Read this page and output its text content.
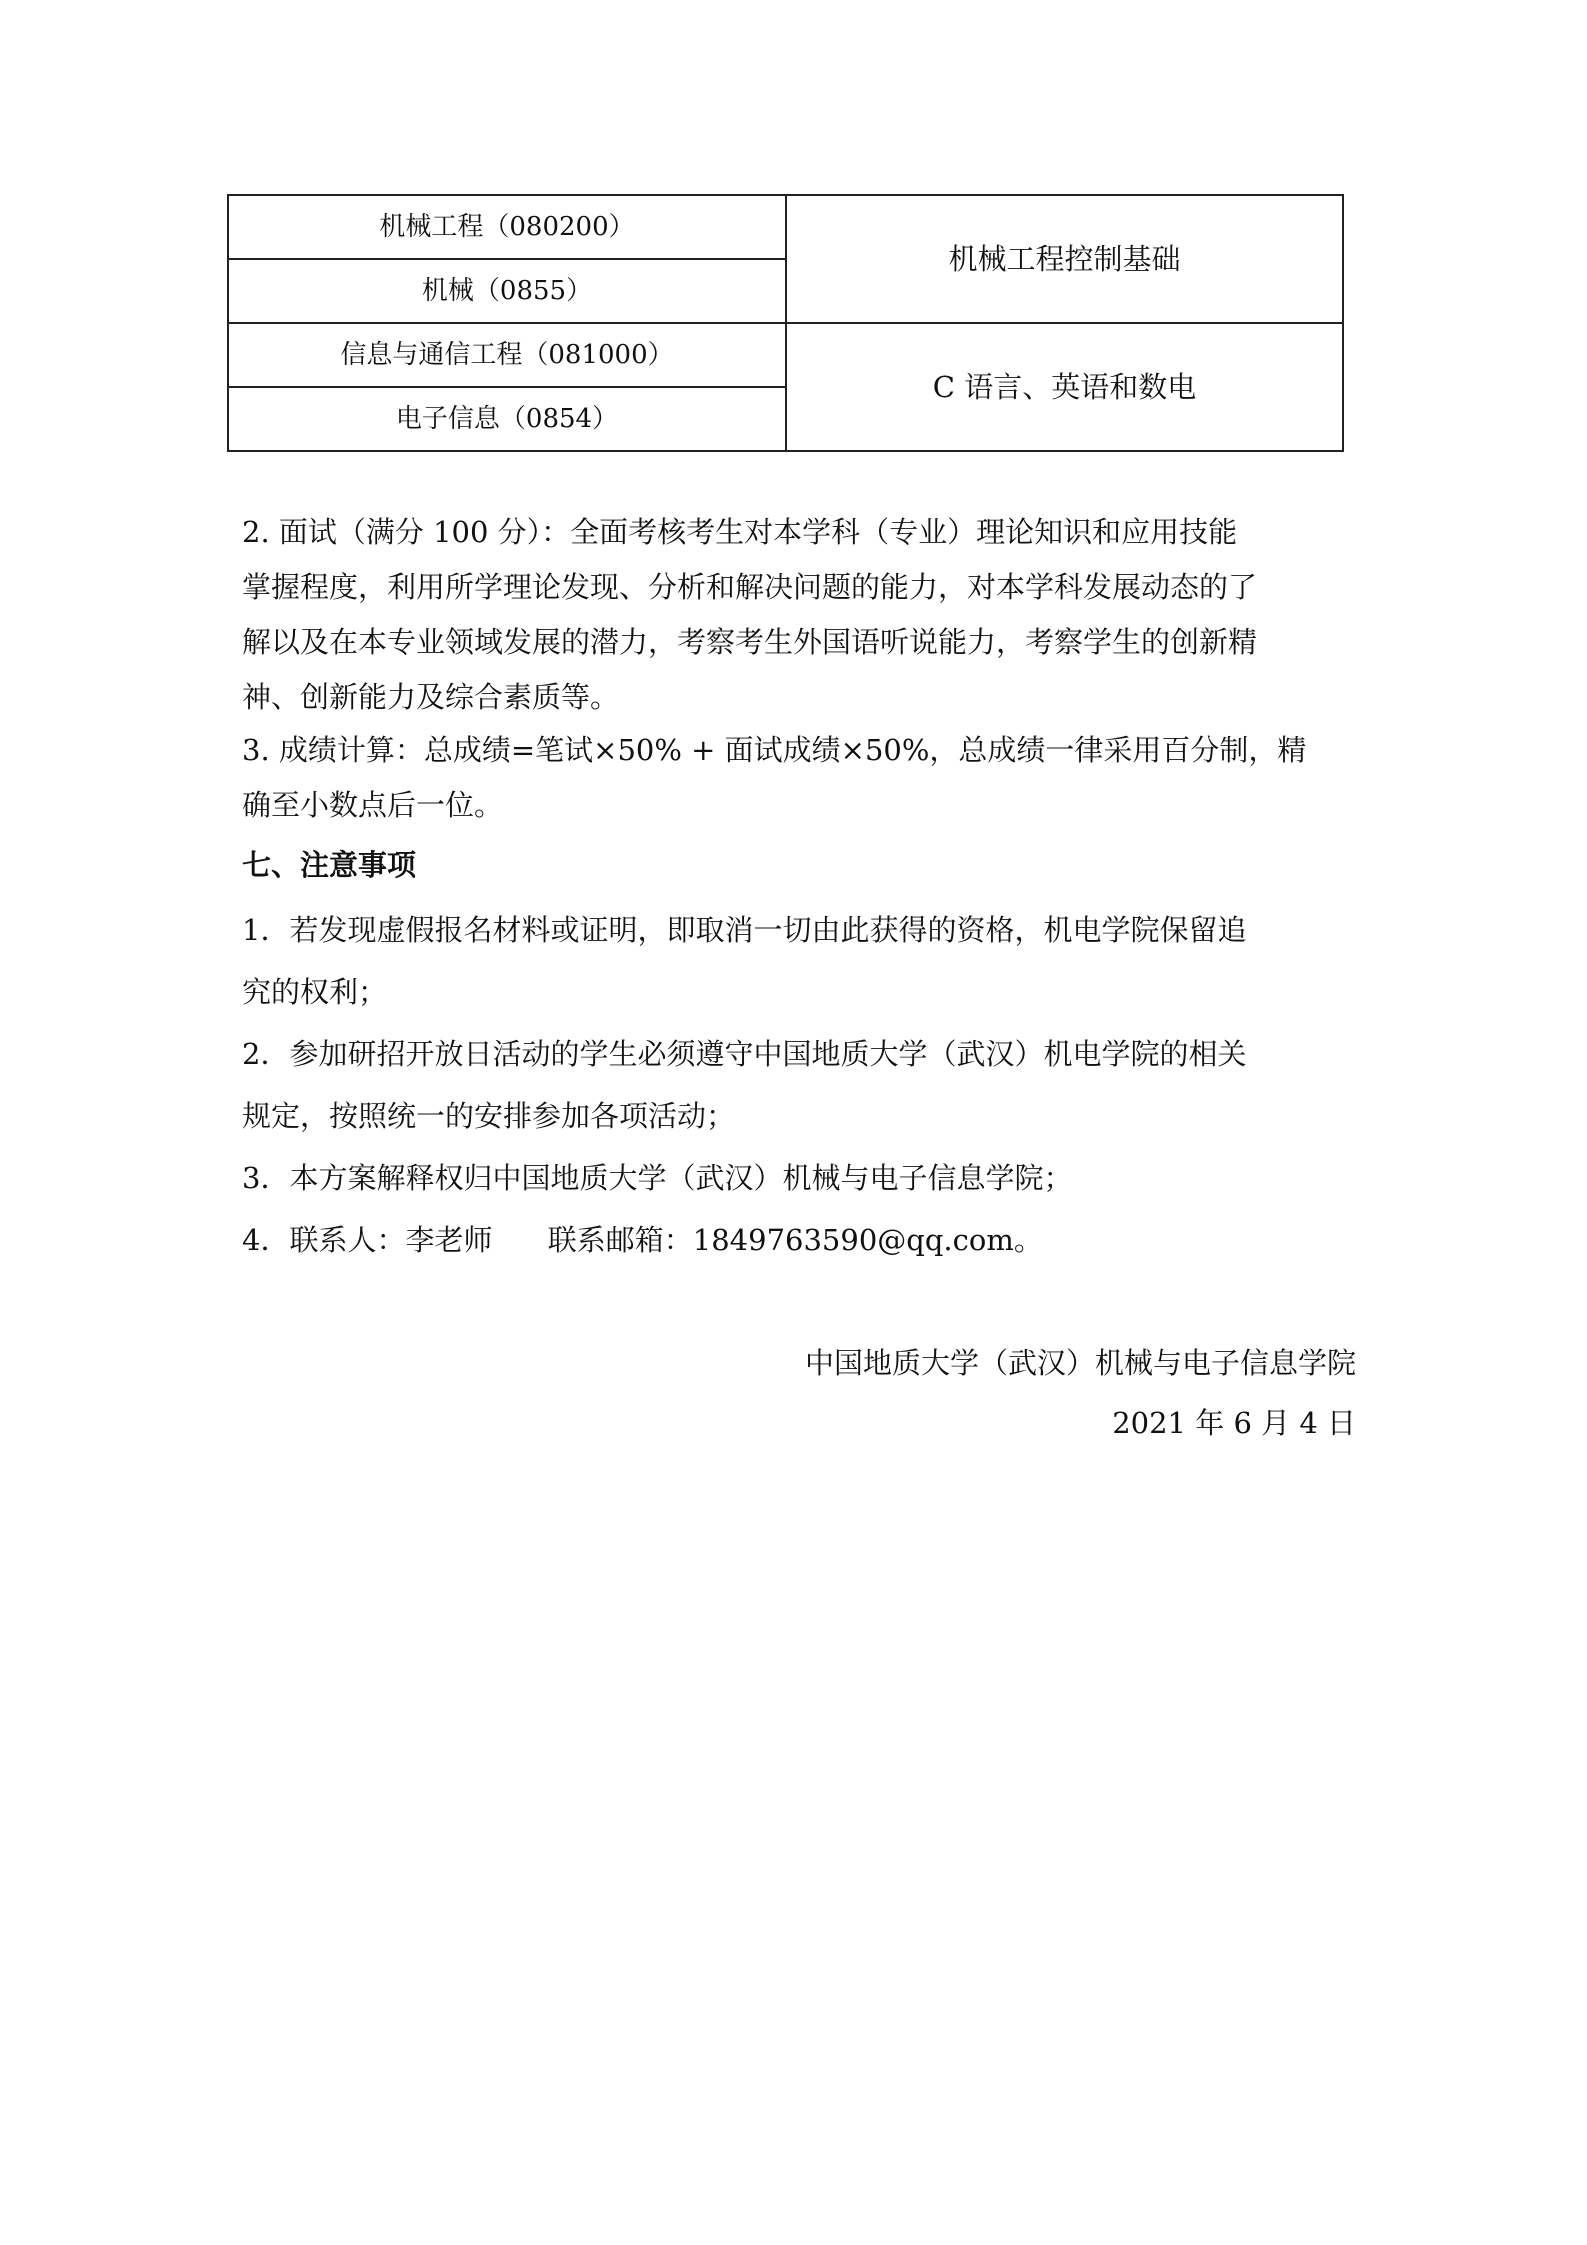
机械工程（080200）	机械工程控制基础
机械（0855）	
信息与通信工程（081000）	C 语言、英语和数电
电子信息（0854）	

2. 面试（满分 100 分）：全面考核考生对本学科（专业）理论知识和应用技能

掌握程度，利用所学理论发现、分析和解决问题的能力，对本学科发展动态的了

解以及在本专业领域发展的潜力，考察考生外国语听说能力，考察学生的创新精

神、创新能力及综合素质等。

3. 成绩计算：总成绩=笔试×50% + 面试成绩×50%，总成绩一律采用百分制，精

确至小数点后一位。

七、注意事项

1．若发现虚假报名材料或证明，即取消一切由此获得的资格，机电学院保留追

究的权利；

2．参加研招开放日活动的学生必须遵守中国地质大学（武汉）机电学院的相关

规定，按照统一的安排参加各项活动；

3．本方案解释权归中国地质大学（武汉）机械与电子信息学院；

4．联系人：李老师      联系邮箱：1849763590@qq.com。

中国地质大学（武汉）机械与电子信息学院
2021 年 6 月 4 日
